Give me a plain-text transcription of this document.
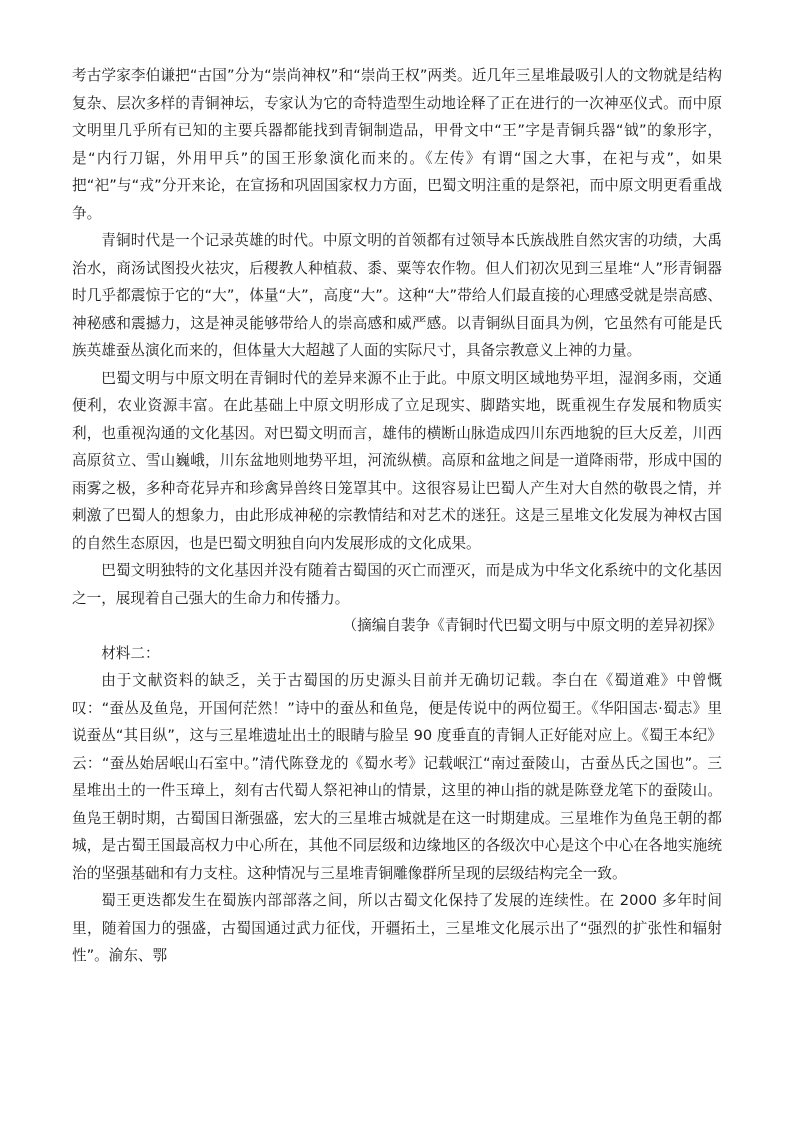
考古学家李伯谦把“古国”分为“崇尚神权”和“崇尚王权”两类。近几年三星堆最吸引人的文物就是结构复杂、层次多样的青铜神坛，专家认为它的奇特造型生动地诠释了正在进行的一次神巫仪式。而中原文明里几乎所有已知的主要兵器都能找到青铜制造品，甲骨文中“王”字是青铜兵器“钺”的象形字，是“内行刀锯，外用甲兵”的国王形象演化而来的。《左传》有谓“国之大事，在祀与戎”，如果把“祀”与“戎”分开来论，在宣扬和巩固国家权力方面，巴蜀文明注重的是祭祀，而中原文明更看重战争。

青铜时代是一个记录英雄的时代。中原文明的首领都有过领导本氏族战胜自然灾害的功绩，大禹治水，商汤试图投火祛灾，后稷教人种植菽、黍、粟等农作物。但人们初次见到三星堆“人”形青铜器时几乎都震惊于它的“大”，体量“大”，高度“大”。这种“大”带给人们最直接的心理感受就是崇高感、神秘感和震撼力，这是神灵能够带给人的崇高感和威严感。以青铜纵目面具为例，它虽然有可能是氏族英雄蚕丛演化而来的，但体量大大超越了人面的实际尺寸，具备宗教意义上神的力量。

巴蜀文明与中原文明在青铜时代的差异来源不止于此。中原文明区域地势平坦，湿润多雨，交通便利，农业资源丰富。在此基础上中原文明形成了立足现实、脚踏实地，既重视生存发展和物质实利，也重视沟通的文化基因。对巴蜀文明而言，雄伟的横断山脉造成四川东西地貌的巨大反差，川西高原贫立、雪山巍峨，川东盆地则地势平坦，河流纵横。高原和盆地之间是一道降雨带，形成中国的雨雾之极，多种奇花异卉和珍禽异兽终日笼罩其中。这很容易让巴蜀人产生对大自然的敬畏之情，并刺激了巴蜀人的想象力，由此形成神秘的宗教情结和对艺术的迷狂。这是三星堆文化发展为神权古国的自然生态原因，也是巴蜀文明独自向内发展形成的文化成果。

巴蜀文明独特的文化基因并没有随着古蜀国的灭亡而湮灭，而是成为中华文化系统中的文化基因之一，展现着自己强大的生命力和传播力。

（摘编自裴争《青铜时代巴蜀文明与中原文明的差异初探》

材料二：

由于文献资料的缺乏，关于古蜀国的历史源头目前并无确切记载。李白在《蜀道难》中曾慨叹：“蚕丛及鱼凫，开国何茫然！”诗中的蚕丛和鱼凫，便是传说中的两位蜀王。《华阳国志·蜀志》里说蚕丛“其目纵”，这与三星堆遗址出土的眼睛与脸呈 90 度垂直的青铜人正好能对应上。《蜀王本纪》云：“蚕丛始居岷山石室中。”清代陈登龙的《蜀水考》记载岷江“南过蚕陵山，古蚕丛氏之国也”。三星堆出土的一件玉璋上，刻有古代蜀人祭祀神山的情景，这里的神山指的就是陈登龙笔下的蚕陵山。鱼凫王朝时期，古蜀国日渐强盛，宏大的三星堆古城就是在这一时期建成。三星堆作为鱼凫王朝的都城，是古蜀王国最高权力中心所在，其他不同层级和边缘地区的各级次中心是这个中心在各地实施统治的坚强基础和有力支柱。这种情况与三星堆青铜雕像群所呈现的层级结构完全一致。

蜀王更迭都发生在蜀族内部部落之间，所以古蜀文化保持了发展的连续性。在 2000 多年时间里，随着国力的强盛，古蜀国通过武力征伐，开疆拓土，三星堆文化展示出了“强烈的扩张性和辐射性”。渝东、鄂
